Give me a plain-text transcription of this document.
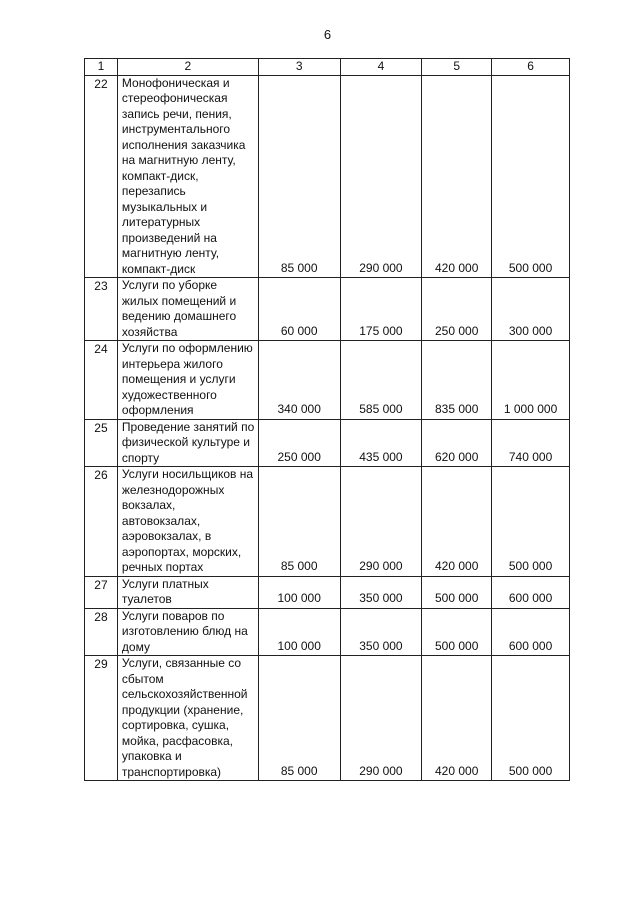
6
1	2	3	4	5	6
22	Монофоническая и стереофоническая запись речи, пения, инструментального исполнения заказчика на магнитную ленту, компакт-диск, перезапись музыкальных и литературных произведений на магнитную ленту, компакт-диск	85 000	290 000	420 000	500 000
23	Услуги по уборке жилых помещений и ведению домашнего хозяйства	60 000	175 000	250 000	300 000
24	Услуги по оформлению интерьера жилого помещения и услуги художественного оформления	340 000	585 000	835 000	1 000 000
25	Проведение занятий по физической культуре и спорту	250 000	435 000	620 000	740 000
26	Услуги носильщиков на железнодорожных вокзалах, автовокзалах, аэровокзалах, в аэропортах, морских, речных портах	85 000	290 000	420 000	500 000
27	Услуги платных туалетов	100 000	350 000	500 000	600 000
28	Услуги поваров по изготовлению блюд на дому	100 000	350 000	500 000	600 000
29	Услуги, связанные со сбытом сельскохозяйственной продукции (хранение, сортировка, сушка, мойка, расфасовка, упаковка и транспортировка)	85 000	290 000	420 000	500 000
